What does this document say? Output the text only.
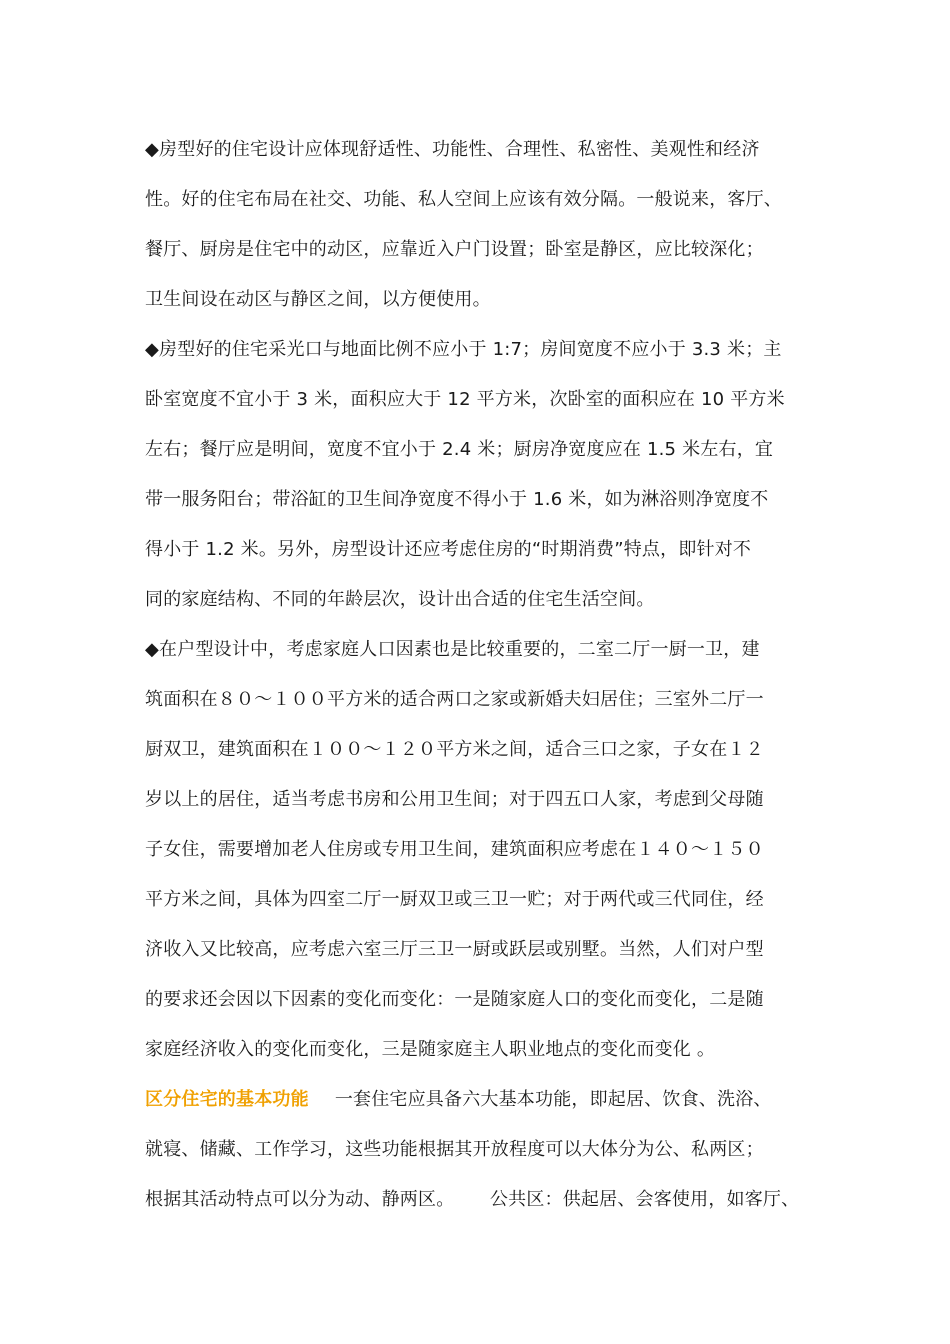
◆房型好的住宅设计应体现舒适性、功能性、合理性、私密性、美观性和经济
性。好的住宅布局在社交、功能、私人空间上应该有效分隔。一般说来，客厅、
餐厅、厨房是住宅中的动区，应靠近入户门设置；卧室是静区，应比较深化；
卫生间设在动区与静区之间，以方便使用。
◆房型好的住宅采光口与地面比例不应小于 1:7；房间宽度不应小于 3.3 米；主
卧室宽度不宜小于 3 米，面积应大于 12 平方米，次卧室的面积应在 10 平方米
左右；餐厅应是明间，宽度不宜小于 2.4 米；厨房净宽度应在 1.5 米左右，宜
带一服务阳台；带浴缸的卫生间净宽度不得小于 1.6 米，如为淋浴则净宽度不
得小于 1.2 米。另外，房型设计还应考虑住房的“时期消费”特点，即针对不
同的家庭结构、不同的年龄层次，设计出合适的住宅生活空间。
◆在户型设计中，考虑家庭人口因素也是比较重要的，二室二厅一厨一卫，建
筑面积在８０～１００平方米的适合两口之家或新婚夫妇居住；三室外二厅一
厨双卫，建筑面积在１００～１２０平方米之间，适合三口之家，子女在１２
岁以上的居住，适当考虑书房和公用卫生间；对于四五口人家，考虑到父母随
子女住，需要增加老人住房或专用卫生间，建筑面积应考虑在１４０～１５０
平方米之间，具体为四室二厅一厨双卫或三卫一贮；对于两代或三代同住，经
济收入又比较高，应考虑六室三厅三卫一厨或跃层或别墅。当然，人们对户型
的要求还会因以下因素的变化而变化：一是随家庭人口的变化而变化，二是随
家庭经济收入的变化而变化，三是随家庭主人职业地点的变化而变化 。
区分住宅的基本功能 一套住宅应具备六大基本功能，即起居、饮食、洗浴、
就寝、储藏、工作学习，这些功能根据其开放程度可以大体分为公、私两区；
根据其活动特点可以分为动、静两区。      公共区：供起居、会客使用，如客厅、
